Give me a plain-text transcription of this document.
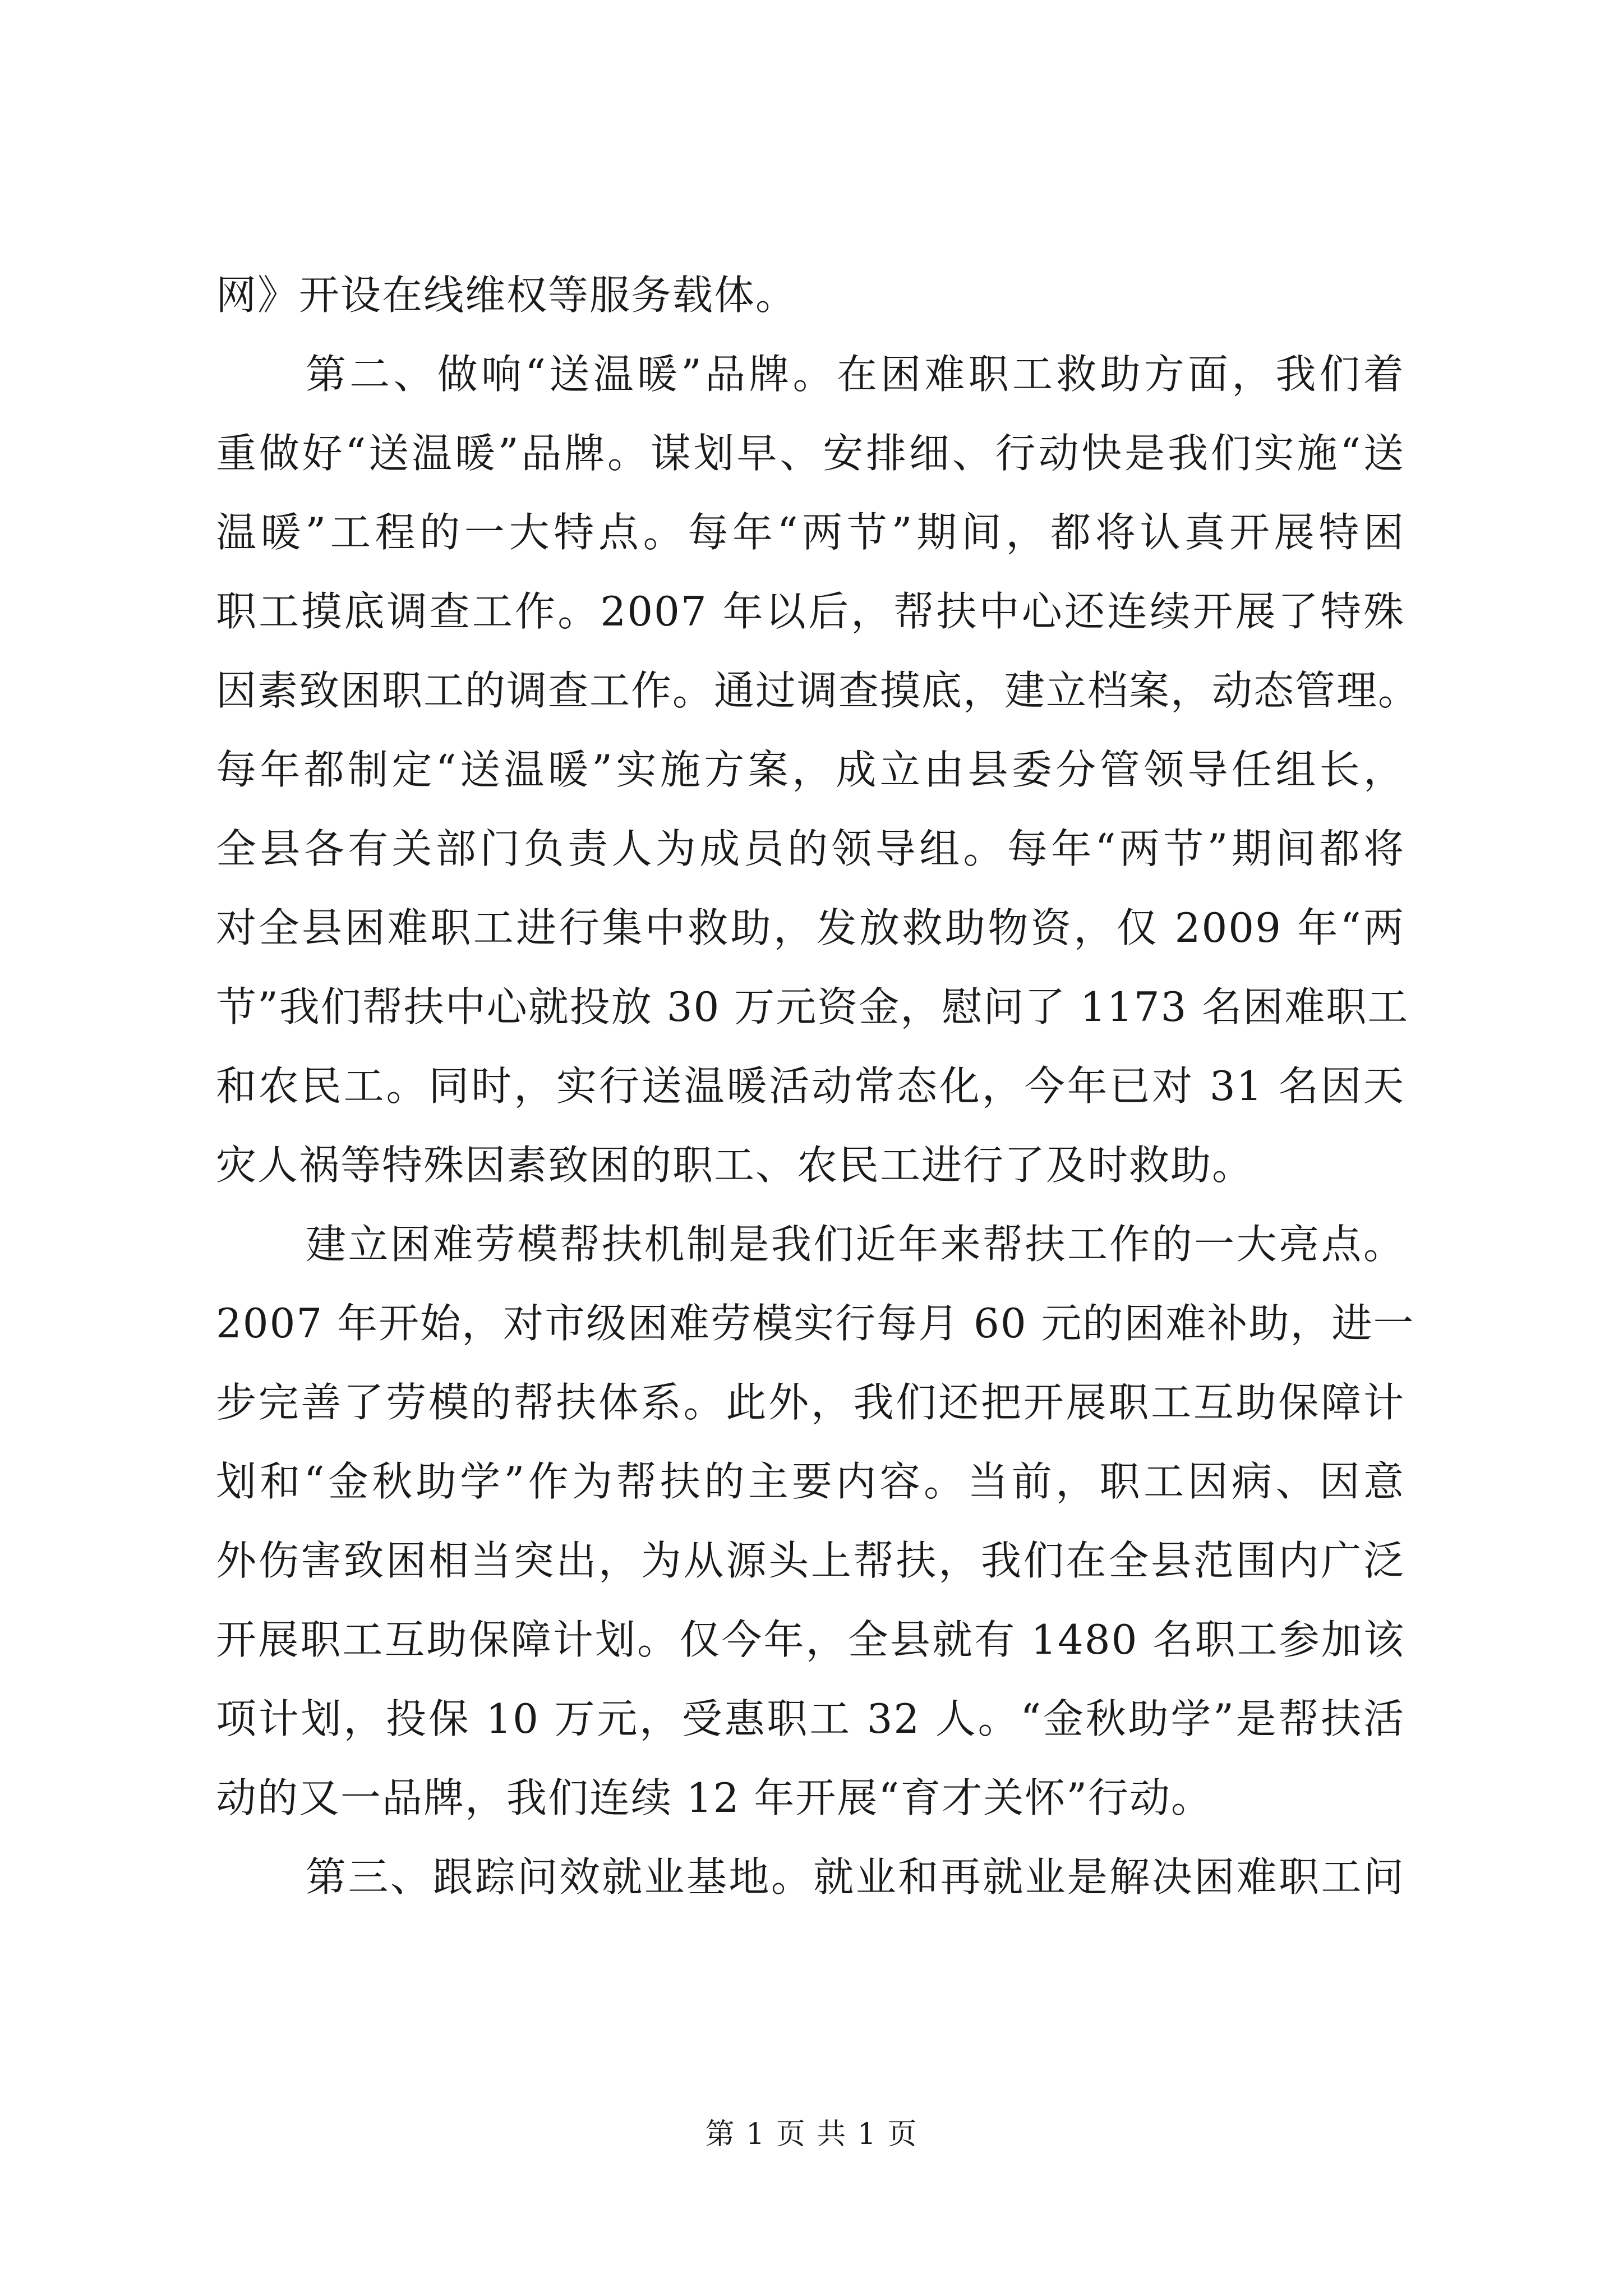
网》开设在线维权等服务载体。
第二、做响“送温暖”品牌。在困难职工救助方面，我们着
重做好“送温暖”品牌。谋划早、安排细、行动快是我们实施“送
温暖”工程的一大特点。每年“两节”期间，都将认真开展特困
职工摸底调查工作。2007 年以后，帮扶中心还连续开展了特殊
因素致困职工的调查工作。通过调查摸底，建立档案，动态管理。
每年都制定“送温暖”实施方案，成立由县委分管领导任组长，
全县各有关部门负责人为成员的领导组。每年“两节”期间都将
对全县困难职工进行集中救助，发放救助物资，仅 2009 年“两
节”我们帮扶中心就投放 30 万元资金，慰问了 1173 名困难职工
和农民工。同时，实行送温暖活动常态化，今年已对 31 名因天
灾人祸等特殊因素致困的职工、农民工进行了及时救助。
建立困难劳模帮扶机制是我们近年来帮扶工作的一大亮点。
2007 年开始，对市级困难劳模实行每月 60 元的困难补助，进一
步完善了劳模的帮扶体系。此外，我们还把开展职工互助保障计
划和“金秋助学”作为帮扶的主要内容。当前，职工因病、因意
外伤害致困相当突出，为从源头上帮扶，我们在全县范围内广泛
开展职工互助保障计划。仅今年，全县就有 1480 名职工参加该
项计划，投保 10 万元，受惠职工 32 人。“金秋助学”是帮扶活
动的又一品牌，我们连续 12 年开展“育才关怀”行动。
第三、跟踪问效就业基地。就业和再就业是解决困难职工问
第 1 页 共 1 页
